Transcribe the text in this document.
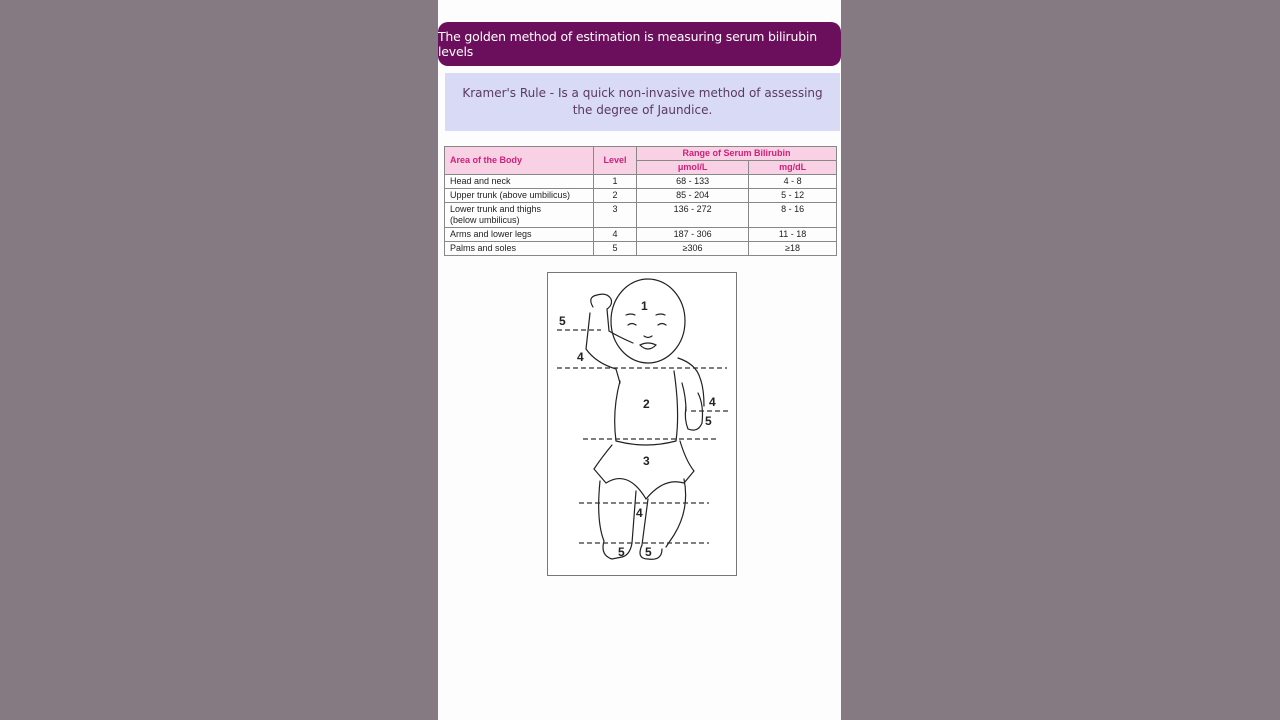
The golden method of estimation is measuring serum bilirubin levels
Kramer's Rule - Is a quick non-invasive method of assessing the degree of Jaundice.
Area of the Body	Level	Range of Serum Bilirubin	
		μmol/L	mg/dL
Head and neck	1	68 - 133	4 - 8
Upper trunk (above umbilicus)	2	85 - 204	5 - 12
Lower trunk and thighs (below umbilicus)	3	136 - 272	8 - 16
Arms and lower legs	4	187 - 306	11 - 18
Palms and soles	5	≥306	≥18
1
5
4
2	4
5
3
4
5 5
